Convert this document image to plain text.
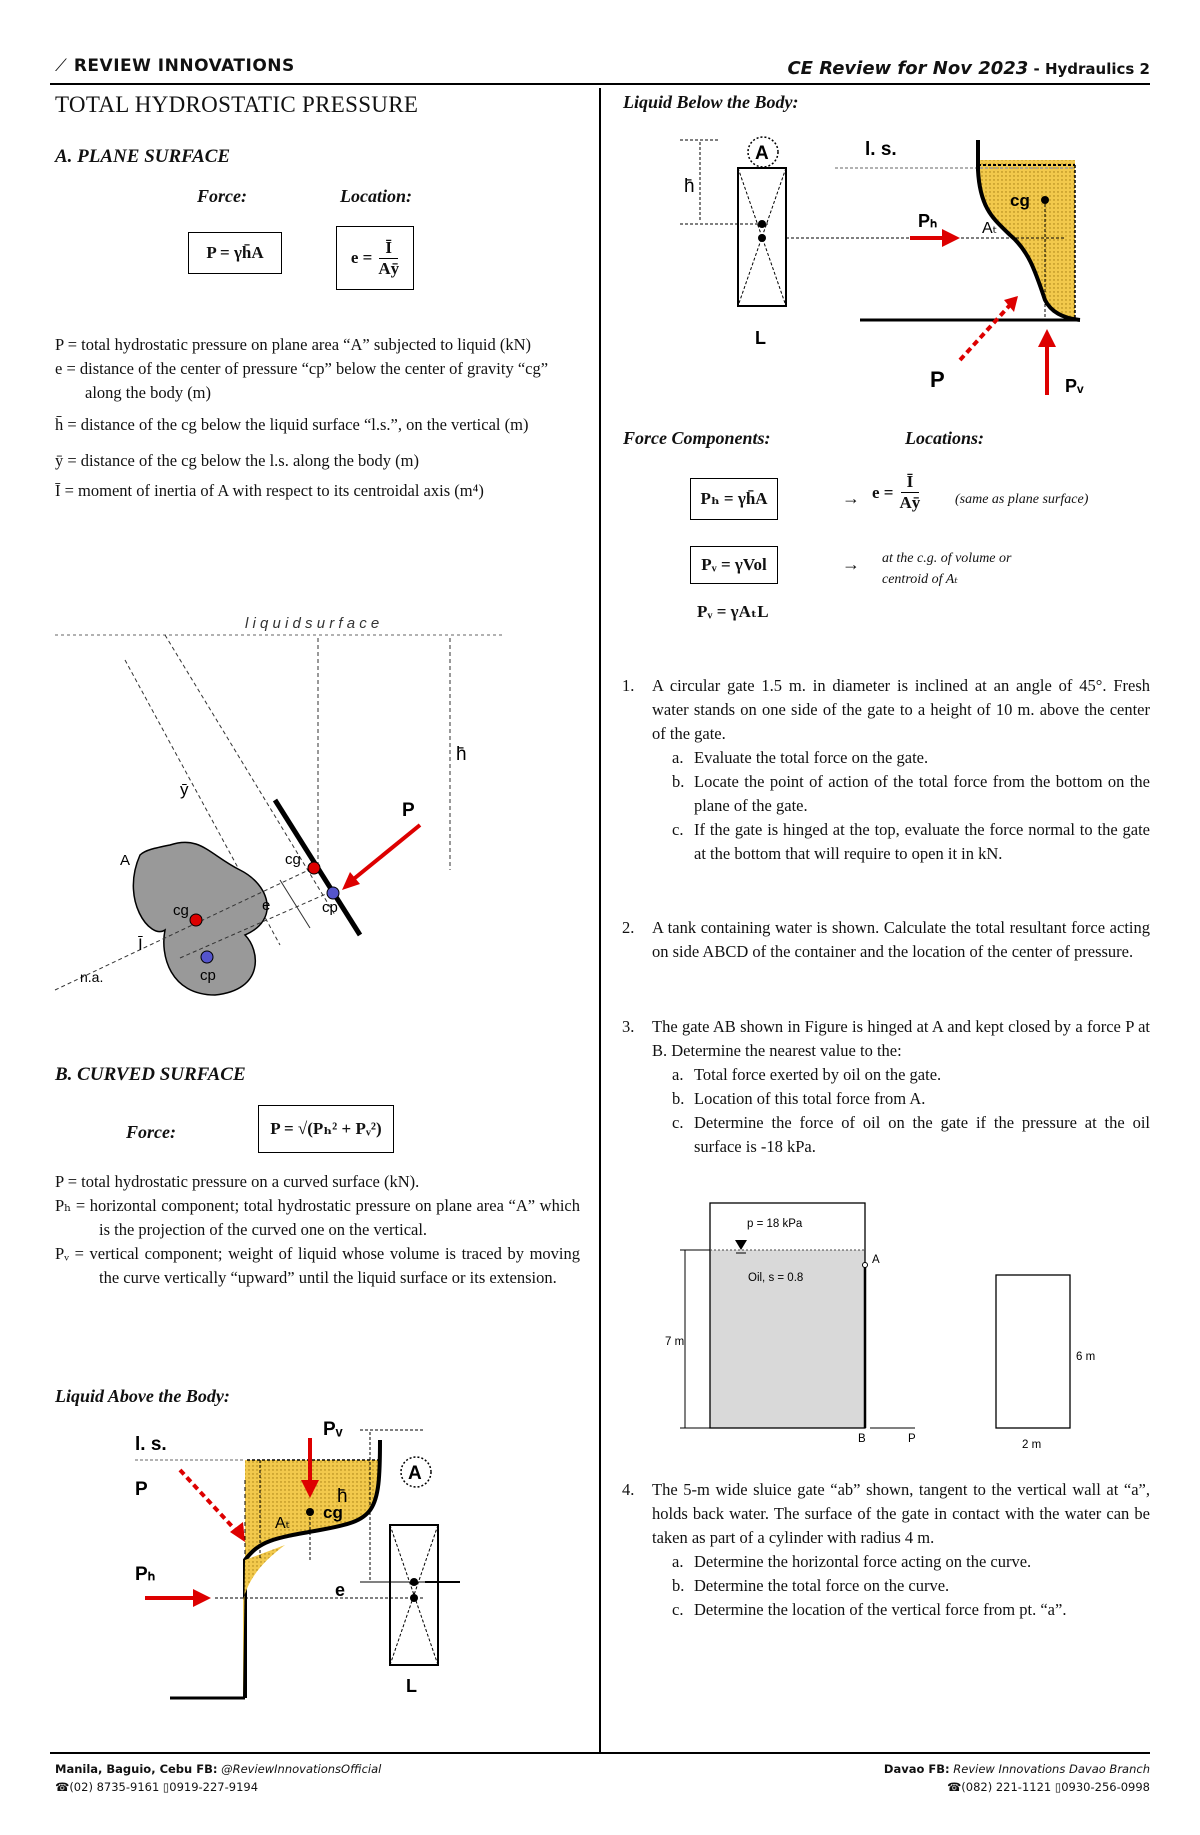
⟋ REVIEW INNOVATIONS	CE Review for Nov 2023 - Hydraulics 2
TOTAL HYDROSTATIC PRESSURE
A. PLANE SURFACE
Force:	Location:
P = γh̄A	$e = \frac{Ī}{Aȳ}$

P = total hydrostatic pressure on plane area “A” subjected to liquid (kN)

e = distance of the center of pressure “cp” below the center of gravity “cg” along the body (m)

h̄ = distance of the cg below the liquid surface “l.s.”, on the vertical (m)

ȳ = distance of the cg below the l.s. along the body (m)

Ī = moment of inertia of A with respect to its centroidal axis (m⁴)

l i q u i d s u r f a c e
ȳ
h̄
A	cg
cp
cg
cp
e
Ī
n.a.
P
B. CURVED SURFACE
Force:	P = √(Pₕ² + Pᵥ²)

P = total hydrostatic pressure on a curved surface (kN).

Pₕ = horizontal component; total hydrostatic pressure on plane area “A” which is the projection of the curved one on the vertical.

Pᵥ = vertical component; weight of liquid whose volume is traced by moving the curve vertically “upward” until the liquid surface or its extension.

Liquid Above the Body:
l. s.
Pᵥ
cg
Aₜ
P
Pₕ
h̄
e
A
L
Liquid Below the Body:
l. s.
cg
Aₜ
h̄
A
L
Pₕ
P	Pᵥ
Force Components:	Locations:
Pₕ = γh̄A	→ $e = \frac{Ī}{Aȳ}$ (same as plane surface)
Pᵥ = γVol	→ at the c.g. of volume or
centroid of Aₜ
Pᵥ = γAₜL
1.	A circular gate 1.5 m. in diameter is inclined at an angle of 45°. Fresh water stands on one side of the gate to a height of 10 m. above the center of the gate.
a. Evaluate the total force on the gate.
b. Locate the point of action of the total force from the bottom on the plane of the gate.
c. If the gate is hinged at the top, evaluate the force normal to the gate at the bottom that will require to open it in kN.
2.	A tank containing water is shown. Calculate the total resultant force acting on side ABCD of the container and the location of the center of pressure.
3.	The gate AB shown in Figure is hinged at A and kept closed by a force P at B. Determine the nearest value to the:
a. Total force exerted by oil on the gate.
b. Location of this total force from A.
c. Determine the force of oil on the gate if the pressure at the oil surface is -18 kPa.
p = 18 kPa
Oil, s = 0.8
A
B	P
7 m
6 m
2 m
4.	The 5-m wide sluice gate “ab” shown, tangent to the vertical wall at “a”, holds back water. The surface of the gate in contact with the water can be taken as part of a cylinder with radius 4 m.
a. Determine the horizontal force acting on the curve.
b. Determine the total force on the curve.
c. Determine the location of the vertical force from pt. “a”.
Manila, Baguio, Cebu FB: @ReviewInnovationsOfficial
☎(02) 8735-9161 ▯0919-227-9194
Davao FB: Review Innovations Davao Branch
☎(082) 221-1121 ▯0930-256-0998
